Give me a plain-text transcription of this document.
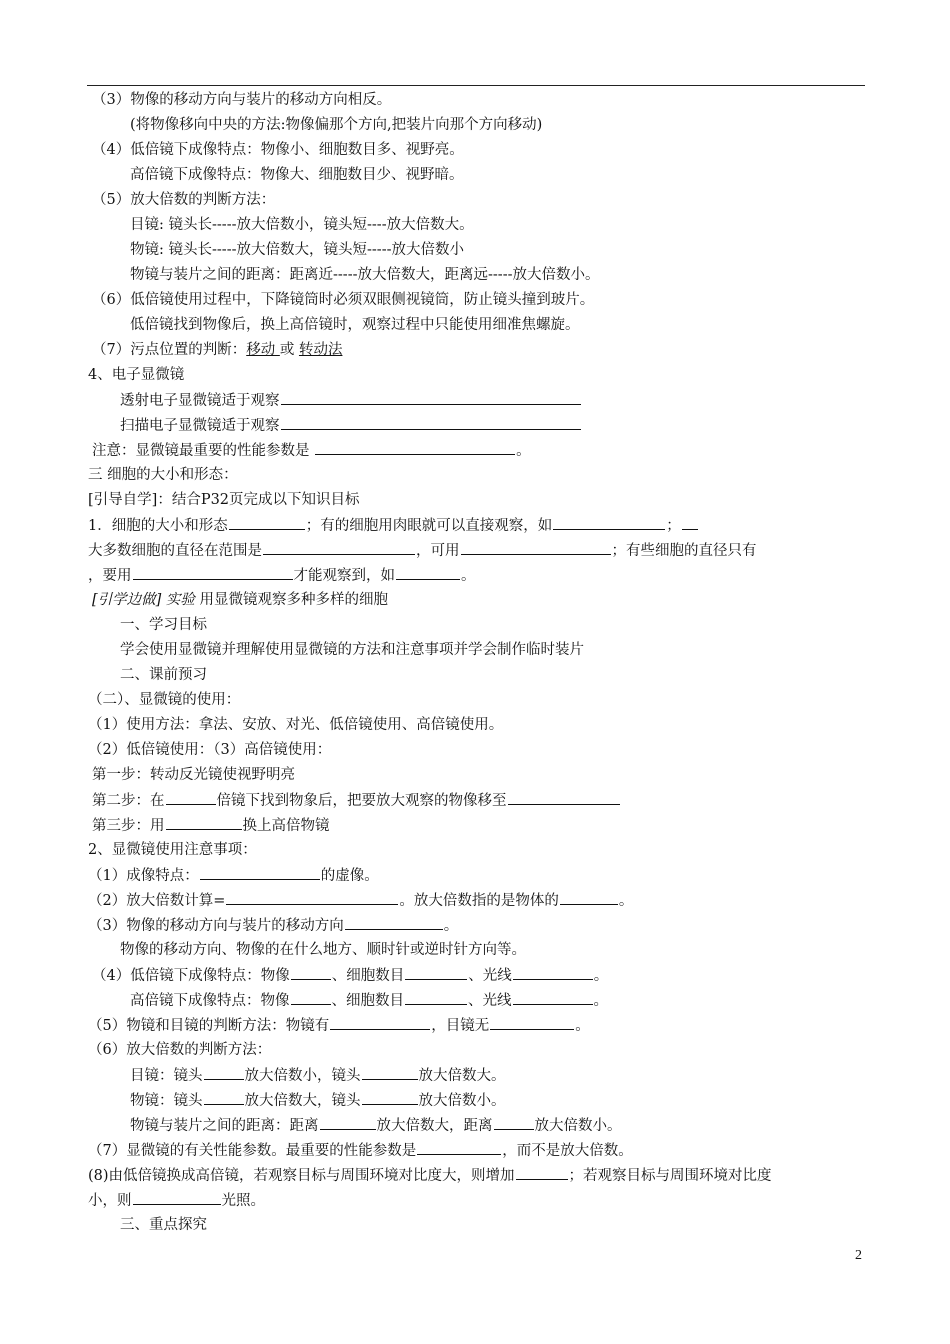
（3）物像的移动方向与装片的移动方向相反。
(将物像移向中央的方法:物像偏那个方向,把装片向那个方向移动)
（4）低倍镜下成像特点：物像小、细胞数目多、视野亮。
高倍镜下成像特点：物像大、细胞数目少、视野暗。
（5）放大倍数的判断方法：
目镜: 镜头长-----放大倍数小，镜头短----放大倍数大。
物镜: 镜头长-----放大倍数大，镜头短-----放大倍数小
物镜与装片之间的距离：距离近-----放大倍数大，距离远-----放大倍数小。
（6）低倍镜使用过程中，下降镜筒时必须双眼侧视镜筒，防止镜头撞到玻片。
低倍镜找到物像后，换上高倍镜时，观察过程中只能使用细准焦螺旋。
（7）污点位置的判断：移动 或 转动法
4、电子显微镜
透射电子显微镜适于观察
扫描电子显微镜适于观察
注意：显微镜最重要的性能参数是	。
三 细胞的大小和形态：
[引导自学]：结合P32页完成以下知识目标
1．细胞的大小和形态	；有的细胞用肉眼就可以直接观察，如	；
大多数细胞的直径在范围是	，可用	；有些细胞的直径只有
，要用	才能观察到，如	。
[引学边做] 实验 用显微镜观察多种多样的细胞
一、学习目标
学会使用显微镜并理解使用显微镜的方法和注意事项并学会制作临时装片
二、课前预习
（二）、显微镜的使用：
（1）使用方法：拿法、安放、对光、低倍镜使用、高倍镜使用。
（2）低倍镜使用：（3）高倍镜使用：
第一步：转动反光镜使视野明亮
第二步：在	倍镜下找到物象后，把要放大观察的物像移至
第三步：用	换上高倍物镜
2、显微镜使用注意事项：
（1）成像特点：	的虚像。
（2）放大倍数计算=	。放大倍数指的是物体的	。
（3）物像的移动方向与装片的移动方向	。
物像的移动方向、物像的在什么地方、顺时针或逆时针方向等。
（4）低倍镜下成像特点：物像	、细胞数目	、光线	。
高倍镜下成像特点：物像	、细胞数目	、光线	。
（5）物镜和目镜的判断方法：物镜有	，目镜无	。
（6）放大倍数的判断方法：
目镜：镜头	放大倍数小，镜头	放大倍数大。
物镜：镜头	放大倍数大，镜头	放大倍数小。
物镜与装片之间的距离：距离	放大倍数大，距离	放大倍数小。
（7）显微镜的有关性能参数。最重要的性能参数是	，而不是放大倍数。
(8)由低倍镜换成高倍镜，若观察目标与周围环境对比度大，则增加	；若观察目标与周围环境对比度
小，则	光照。
三、重点探究
2
